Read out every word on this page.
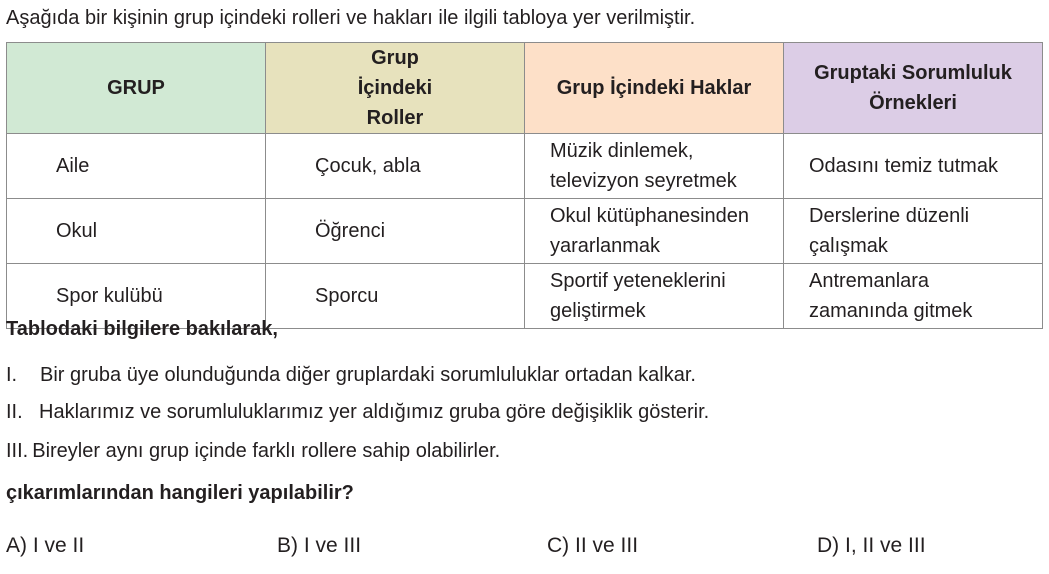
Aşağıda bir kişinin grup içindeki rolleri ve hakları ile ilgili tabloya yer verilmiştir.
GRUP	Grup İçindeki Roller	Grup İçindeki Haklar	Gruptaki Sorumluluk Örnekleri
Aile	Çocuk, abla	Müzik dinlemek, televizyon seyretmek	Odasını temiz tutmak
Okul	Öğrenci	Okul kütüphanesinden yararlanmak	Derslerine düzenli çalışmak

Spor kulübü	Sporcu	Sportif yeteneklerini geliştirmek	Antremanlara zamanında gitmek
Tablodaki bilgilere bakılarak,
I. Bir gruba üye olunduğunda diğer gruplardaki sorumluluklar ortadan kalkar.
II. Haklarımız ve sorumluluklarımız yer aldığımız gruba göre değişiklik gösterir.
III. Bireyler aynı grup içinde farklı rollere sahip olabilirler.
çıkarımlarından hangileri yapılabilir?
A) I ve II	B) I ve III	C) II ve III	D) I, II ve III
